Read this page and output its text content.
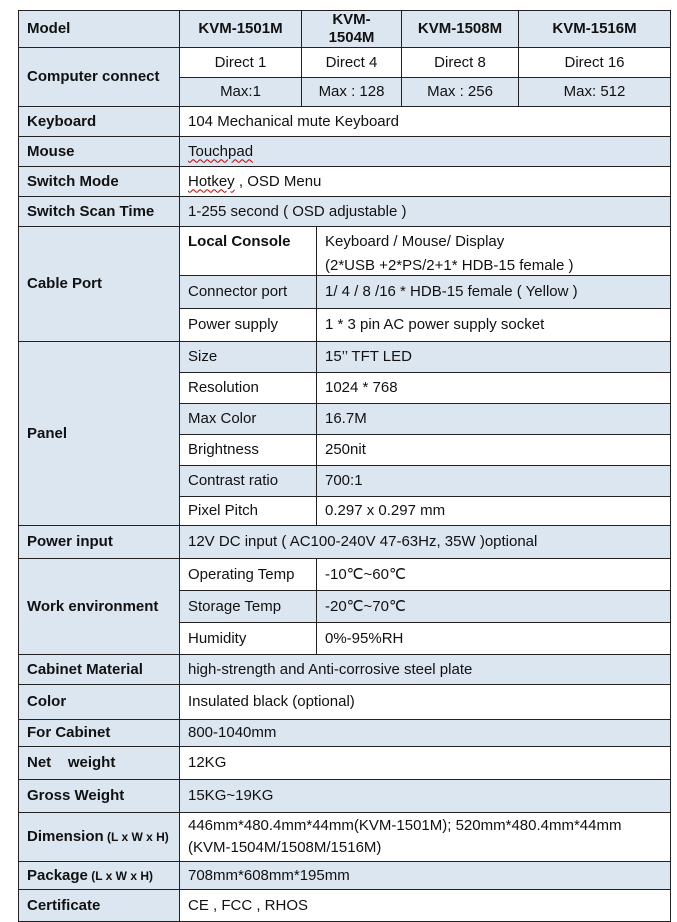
Model	KVM-1501M	KVM-1504M		KVM-1508M	KVM-1516M
Computer connect	Direct 1	Direct 4		Direct 8	Direct 16
	Max:1	Max : 128		Max : 256	Max: 512
Keyboard	104 Mechanical mute Keyboard				
Mouse	Touchpad				
Switch Mode	Hotkey , OSD Menu				
Switch Scan Time	1-255 second ( OSD adjustable )				
Cable Port	Local Console		Keyboard / Mouse/ Display
(2*USB +2*PS/2+1* HDB-15 female )		

	Connector port		1/ 4 / 8 /16 * HDB-15 female ( Yellow )		
	Power supply		1 * 3 pin AC power supply socket		
Panel	Size		15’’ TFT LED		
	Resolution		1024 * 768		
	Max Color		16.7M		
	Brightness		250nit		
	Contrast ratio		700:1		
	Pixel Pitch		0.297 x 0.297 mm		
Power input	12V DC input ( AC100-240V 47-63Hz, 35W )optional				
Work environment	Operating Temp		-10℃~60℃		
	Storage Temp		-20℃~70℃		
	Humidity		0%-95%RH		
Cabinet Material	high-strength and Anti-corrosive steel plate				
Color	Insulated black (optional)				
For Cabinet	800-1040mm				
Net    weight	12KG				
Gross Weight	15KG~19KG				
Dimension (L x W x H)	446mm*480.4mm*44mm(KVM-1501M); 520mm*480.4mm*44mm
(KVM-1504M/1508M/1516M)				

Package (L x W x H)	708mm*608mm*195mm				
Certificate	CE , FCC , RHOS				
